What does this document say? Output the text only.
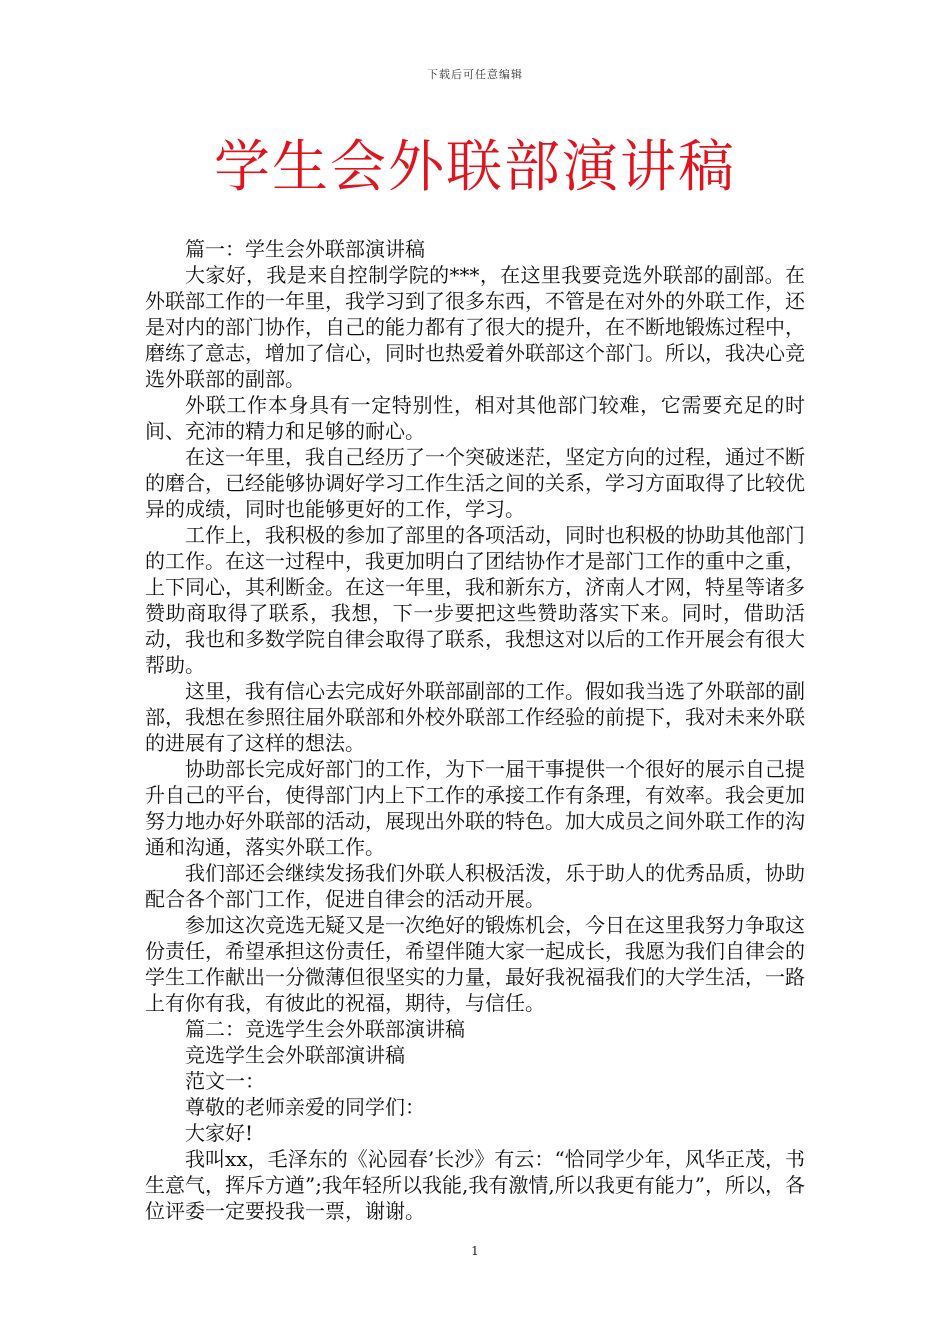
下载后可任意编辑
学生会外联部演讲稿

篇一：学生会外联部演讲稿

大家好，我是来自控制学院的***，在这里我要竞选外联部的副部。在外联部工作的一年里，我学习到了很多东西，不管是在对外的外联工作，还是对内的部门协作，自己的能力都有了很大的提升，在不断地锻炼过程中，磨练了意志，增加了信心，同时也热爱着外联部这个部门。所以，我决心竞选外联部的副部。

外联工作本身具有一定特别性，相对其他部门较难，它需要充足的时间、充沛的精力和足够的耐心。

在这一年里，我自己经历了一个突破迷茫，坚定方向的过程，通过不断的磨合，已经能够协调好学习工作生活之间的关系，学习方面取得了比较优异的成绩，同时也能够更好的工作，学习。

工作上，我积极的参加了部里的各项活动，同时也积极的协助其他部门的工作。在这一过程中，我更加明白了团结协作才是部门工作的重中之重，上下同心，其利断金。在这一年里，我和新东方，济南人才网，特星等诸多赞助商取得了联系，我想，下一步要把这些赞助落实下来。同时，借助活动，我也和多数学院自律会取得了联系，我想这对以后的工作开展会有很大帮助。

这里，我有信心去完成好外联部副部的工作。假如我当选了外联部的副部，我想在参照往届外联部和外校外联部工作经验的前提下，我对未来外联的进展有了这样的想法。

协助部长完成好部门的工作，为下一届干事提供一个很好的展示自己提升自己的平台，使得部门内上下工作的承接工作有条理，有效率。我会更加努力地办好外联部的活动，展现出外联的特色。加大成员之间外联工作的沟通和沟通，落实外联工作。

我们部还会继续发扬我们外联人积极活泼，乐于助人的优秀品质，协助配合各个部门工作，促进自律会的活动开展。

参加这次竞选无疑又是一次绝好的锻炼机会，今日在这里我努力争取这份责任，希望承担这份责任，希望伴随大家一起成长，我愿为我们自律会的学生工作献出一分微薄但很坚实的力量，最好我祝福我们的大学生活，一路上有你有我，有彼此的祝福，期待，与信任。

篇二：竞选学生会外联部演讲稿

竞选学生会外联部演讲稿

范文一：

尊敬的老师亲爱的同学们：

大家好!

我叫xx，毛泽东的《沁园春’长沙》有云：“恰同学少年，风华正茂，书生意气，挥斥方遒”;我年轻所以我能,我有激情,所以我更有能力”，所以，各位评委一定要投我一票，谢谢。

1
